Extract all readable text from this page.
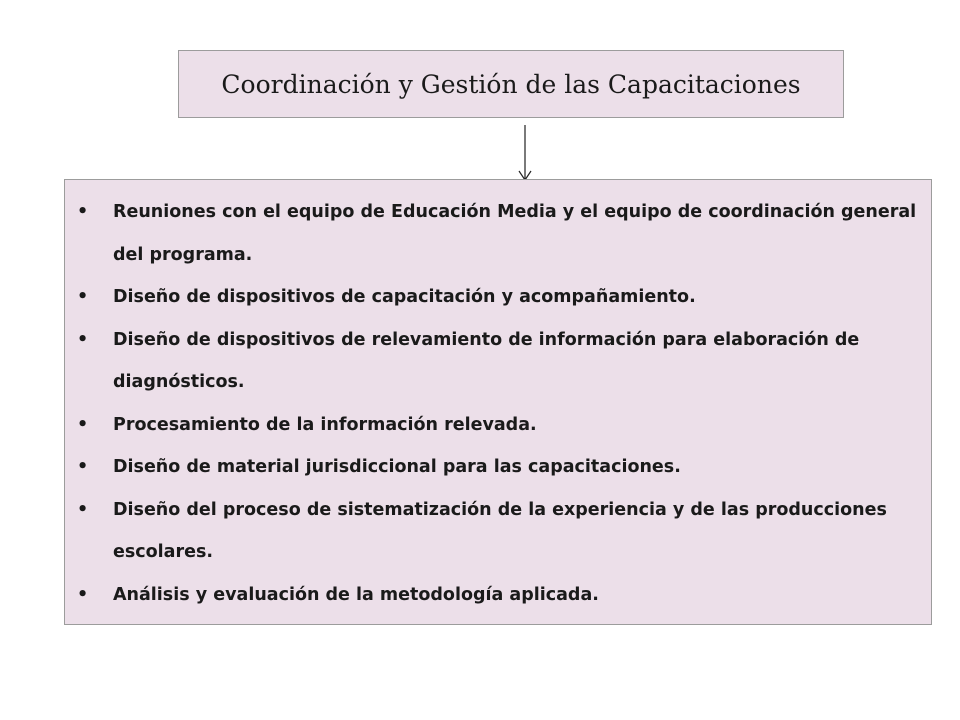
Coordinación y Gestión de las Capacitaciones
•	Reuniones con el equipo de Educación Media y el equipo de coordinación general del programa.
•	Diseño de dispositivos de capacitación y acompañamiento.
•	Diseño de dispositivos de relevamiento de información para elaboración de diagnósticos.
•	Procesamiento de la información relevada.
•	Diseño de material jurisdiccional para las capacitaciones.
•	Diseño del proceso de sistematización de la experiencia y de las producciones escolares.
•	Análisis y evaluación de la metodología aplicada.
